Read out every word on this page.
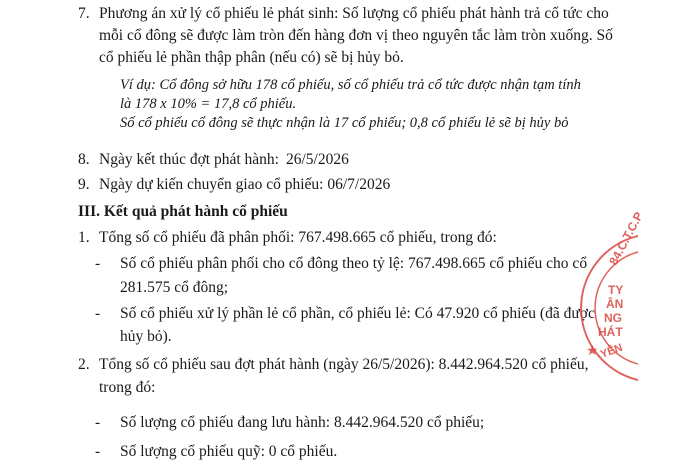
7. Phương án xử lý cổ phiếu lẻ phát sinh: Số lượng cổ phiếu phát hành trả cổ tức cho
mỗi cổ đông sẽ được làm tròn đến hàng đơn vị theo nguyên tắc làm tròn xuống. Số
cổ phiếu lẻ phần thập phân (nếu có) sẽ bị hủy bỏ.
Ví dụ: Cổ đông sở hữu 178 cổ phiếu, số cổ phiếu trả cổ tức được nhận tạm tính
là 178 x 10% = 17,8 cổ phiếu.
Số cổ phiếu cổ đông sẽ thực nhận là 17 cổ phiếu; 0,8 cổ phiếu lẻ sẽ bị hủy bỏ
8. Ngày kết thúc đợt phát hành: 26/5/2026
9. Ngày dự kiến chuyển giao cổ phiếu: 06/7/2026
III. Kết quả phát hành cổ phiếu
1. Tổng số cổ phiếu đã phân phối: 767.498.665 cổ phiếu, trong đó:
- Số cổ phiếu phân phối cho cổ đông theo tỷ lệ: 767.498.665 cổ phiếu cho cổ
281.575 cổ đông;
- Số cổ phiếu xử lý phần lẻ cổ phần, cổ phiếu lẻ: Có 47.920 cổ phiếu (đã được
hủy bỏ).
2. Tổng số cổ phiếu sau đợt phát hành (ngày 26/5/2026): 8.442.964.520 cổ phiếu,
trong đó:
- Số lượng cổ phiếu đang lưu hành: 8.442.964.520 cổ phiếu;
- Số lượng cổ phiếu quỹ: 0 cổ phiếu.
84.C.T.C.P
TY
ÂN
NG
HÁT
YÊN
★
